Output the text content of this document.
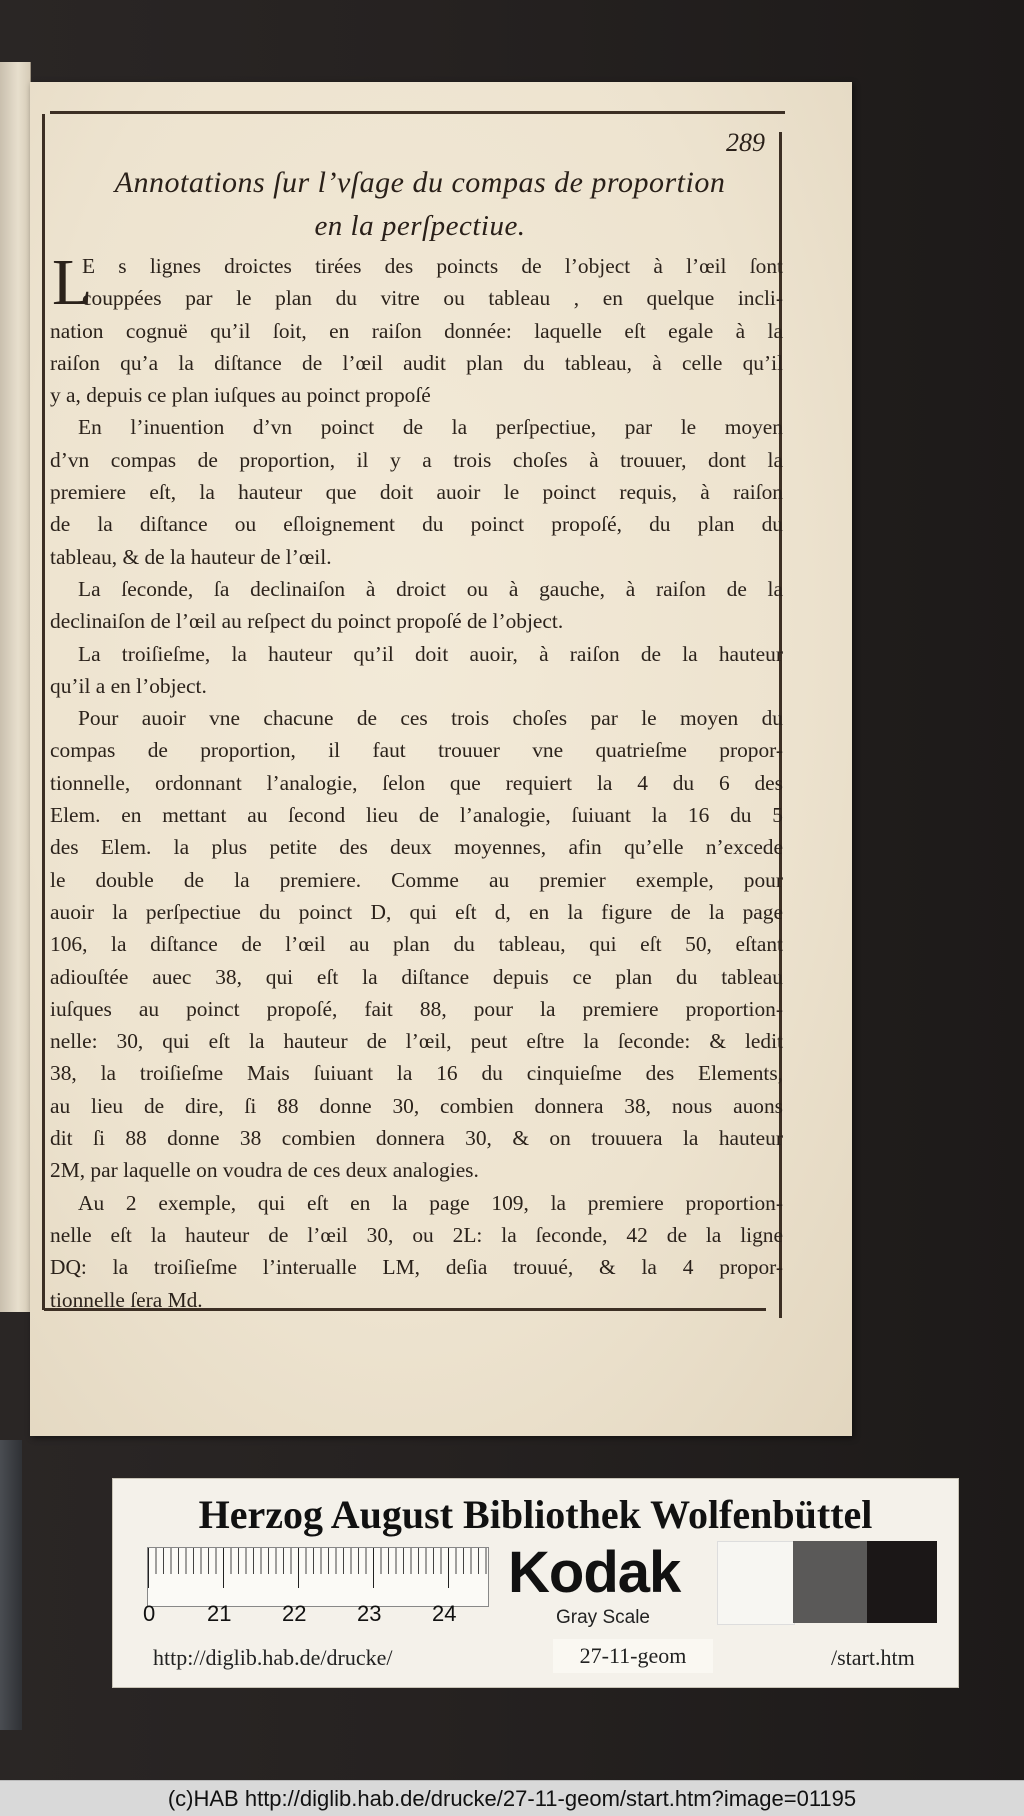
289
Annotations ſur l’vſage du compas de proportion
en la perſpectiue.
L
E s lignes droictes tirées des poincts de l’object à l’œil ſont
couppées par le plan du vitre ou tableau , en quelque incli-
nation cognuë qu’il ſoit, en raiſon donnée: laquelle eſt egale à la
raiſon qu’a la diſtance de l’œil audit plan du tableau, à celle qu’il
y a, depuis ce plan iuſques au poinct propoſé
En l’inuention d’vn poinct de la perſpectiue, par le moyen
d’vn compas de proportion, il y a trois choſes à trouuer, dont la
premiere eſt, la hauteur que doit auoir le poinct requis, à raiſon
de la diſtance ou eſloignement du poinct propoſé, du plan du
tableau, & de la hauteur de l’œil.
La ſeconde, ſa declinaiſon à droict ou à gauche, à raiſon de la
declinaiſon de l’œil au reſpect du poinct propoſé de l’object.
La troiſieſme, la hauteur qu’il doit auoir, à raiſon de la hauteur
qu’il a en l’object.
Pour auoir vne chacune de ces trois choſes par le moyen du
compas de proportion, il faut trouuer vne quatrieſme propor-
tionnelle, ordonnant l’analogie, ſelon que requiert la 4 du 6 des
Elem. en mettant au ſecond lieu de l’analogie, ſuiuant la 16 du 5
des Elem. la plus petite des deux moyennes, afin qu’elle n’excede
le double de la premiere. Comme au premier exemple, pour
auoir la perſpectiue du poinct D, qui eſt d, en la figure de la page
106, la diſtance de l’œil au plan du tableau, qui eſt 50, eſtant
adiouſtée auec 38, qui eſt la diſtance depuis ce plan du tableau
iuſques au poinct propoſé, fait 88, pour la premiere proportion-
nelle: 30, qui eſt la hauteur de l’œil, peut eſtre la ſeconde: & ledit
38, la troiſieſme Mais ſuiuant la 16 du cinquieſme des Elements,
au lieu de dire, ſi 88 donne 30, combien donnera 38, nous auons
dit ſi 88 donne 38 combien donnera 30, & on trouuera la hauteur
2M, par laquelle on voudra de ces deux analogies.
Au 2 exemple, qui eſt en la page 109, la premiere proportion-
nelle eſt la hauteur de l’œil 30, ou 2L: la ſeconde, 42 de la ligne
DQ: la troiſieſme l’interualle LM, deſia trouué, & la 4 propor-
tionnelle ſera Md.
Herzog August Bibliothek Wolfenbüttel
0 21 22 23 24
Kodak
Gray Scale
http://diglib.hab.de/drucke/	27-11-geom	/start.htm
(c)HAB http://diglib.hab.de/drucke/27-11-geom/start.htm?image=01195
